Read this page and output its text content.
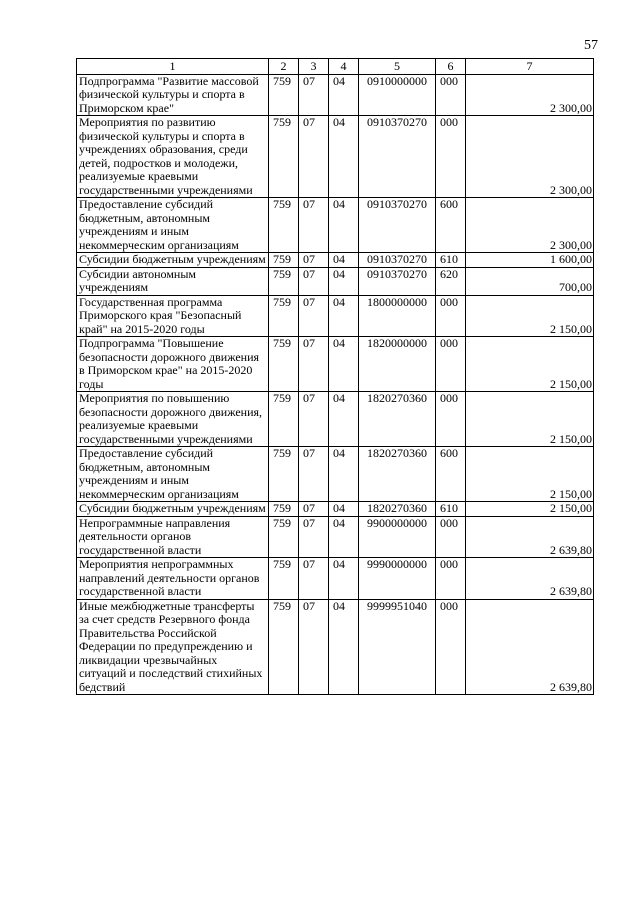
57
1	2	3	4	5	6	7
Подпрограмма "Развитие массовой физической культуры и спорта в Приморском крае"	759	07	04	0910000000	000	2 300,00
Мероприятия по развитию физической культуры и спорта в учреждениях образования, среди детей, подростков и молодежи, реализуемые краевыми государственными учреждениями	759	07	04	0910370270	000	2 300,00
Предоставление субсидий бюджетным, автономным учреждениям и иным некоммерческим организациям	759	07	04	0910370270	600	2 300,00
Субсидии бюджетным учреждениям	759	07	04	0910370270	610	1 600,00
Субсидии автономным учреждениям	759	07	04	0910370270	620	700,00
Государственная программа Приморского края "Безопасный край" на 2015-2020 годы	759	07	04	1800000000	000	2 150,00
Подпрограмма "Повышение безопасности дорожного движения в Приморском крае" на 2015-2020 годы	759	07	04	1820000000	000	2 150,00
Мероприятия по повышению безопасности дорожного движения, реализуемые краевыми государственными учреждениями	759	07	04	1820270360	000	2 150,00
Предоставление субсидий бюджетным, автономным учреждениям и иным некоммерческим организациям	759	07	04	1820270360	600	2 150,00
Субсидии бюджетным учреждениям	759	07	04	1820270360	610	2 150,00
Непрограммные направления деятельности органов государственной власти	759	07	04	9900000000	000	2 639,80
Мероприятия непрограммных направлений деятельности органов государственной власти	759	07	04	9990000000	000	2 639,80
Иные межбюджетные трансферты за счет средств Резервного фонда Правительства Российской Федерации по предупреждению и ликвидации чрезвычайных ситуаций и последствий стихийных бедствий	759	07	04	9999951040	000	2 639,80
